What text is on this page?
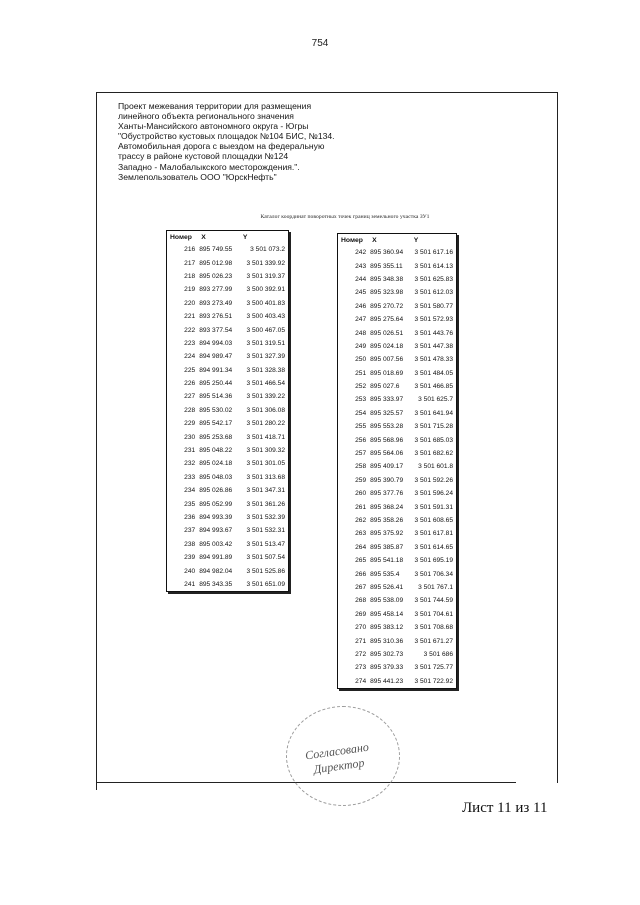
754
Проект межевания территории для размещения
линейного объекта регионального значения
Ханты-Мансийского автономного округа - Югры
"Обустройство кустовых площадок №104 БИС, №134.
Автомобильная дорога с выездом на федеральную
трассу в районе кустовой площадки №124
Западно - Малобалыкского месторождения.".
Землепользователь ООО "ЮрскНефть"
Каталог координат поворотных точек границ земельного участка ЗУ1
Номер	X	Y
216	895 749.55	3 501 073.2
217	895 012.98	3 501 339.92
218	895 026.23	3 501 319.37
219	893 277.99	3 500 392.91
220	893 273.49	3 500 401.83
221	893 276.51	3 500 403.43
222	893 377.54	3 500 467.05
223	894 994.03	3 501 319.51
224	894 989.47	3 501 327.39
225	894 991.34	3 501 328.38
226	895 250.44	3 501 466.54
227	895 514.36	3 501 339.22
228	895 530.02	3 501 306.08
229	895 542.17	3 501 280.22
230	895 253.68	3 501 418.71
231	895 048.22	3 501 309.32
232	895 024.18	3 501 301.05
233	895 048.03	3 501 313.68
234	895 026.86	3 501 347.31
235	895 052.99	3 501 361.26
236	894 993.39	3 501 532.39
237	894 993.67	3 501 532.31
238	895 003.42	3 501 513.47
239	894 991.89	3 501 507.54
240	894 982.04	3 501 525.86
241	895 343.35	3 501 651.09
Номер	X	Y
242	895 360.94	3 501 617.16
243	895 355.11	3 501 614.13
244	895 348.38	3 501 625.83
245	895 323.98	3 501 612.03
246	895 270.72	3 501 580.77
247	895 275.64	3 501 572.93
248	895 026.51	3 501 443.76
249	895 024.18	3 501 447.38
250	895 007.56	3 501 478.33
251	895 018.69	3 501 484.05
252	895 027.6	3 501 466.85
253	895 333.97	3 501 625.7
254	895 325.57	3 501 641.94
255	895 553.28	3 501 715.28
256	895 568.96	3 501 685.03
257	895 564.06	3 501 682.62
258	895 409.17	3 501 601.8
259	895 390.79	3 501 592.26
260	895 377.76	3 501 596.24
261	895 368.24	3 501 591.31
262	895 358.26	3 501 608.65
263	895 375.92	3 501 617.81
264	895 385.87	3 501 614.65
265	895 541.18	3 501 695.19
266	895 535.4	3 501 706.34
267	895 526.41	3 501 767.1
268	895 538.09	3 501 744.59
269	895 458.14	3 501 704.61
270	895 383.12	3 501 708.68
271	895 310.36	3 501 671.27
272	895 302.73	3 501 686
273	895 379.33	3 501 725.77
274	895 441.23	3 501 722.92
Согласовано Директор
Лист 11 из 11
